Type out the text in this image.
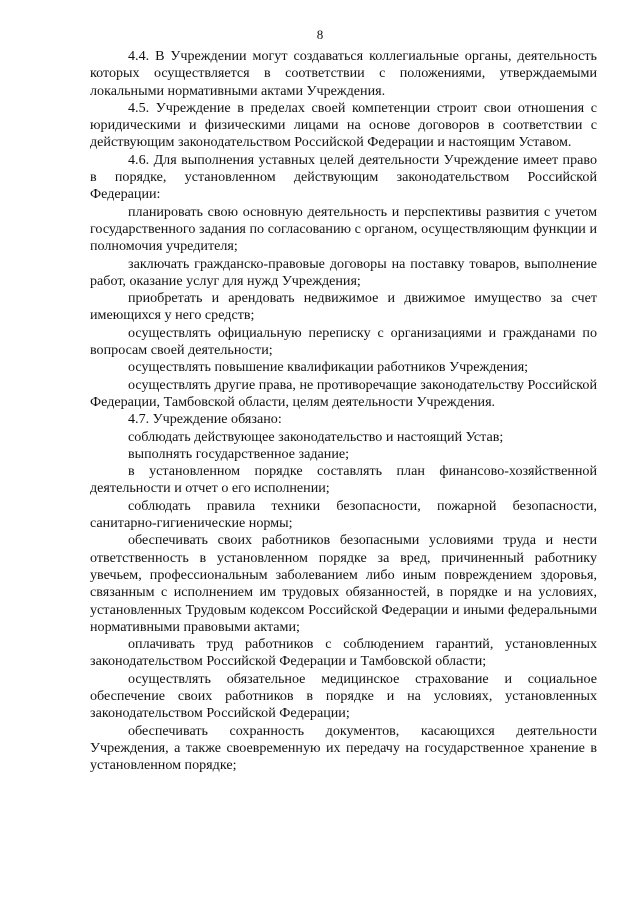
8

4.4. В Учреждении могут создаваться коллегиальные органы, деятельность которых осуществляется в соответствии с положениями, утверждаемыми локальными нормативными актами Учреждения.

4.5. Учреждение в пределах своей компетенции строит свои отношения с юридическими и физическими лицами на основе договоров в соответствии с действующим законодательством Российской Федерации и настоящим Уставом.

4.6. Для выполнения уставных целей деятельности Учреждение имеет право в порядке, установленном действующим законодательством Российской Федерации:

планировать свою основную деятельность и перспективы развития с учетом государственного задания по согласованию с органом, осуществляющим функции и полномочия учредителя;

заключать гражданско-правовые договоры на поставку товаров, выполнение работ, оказание услуг для нужд Учреждения;

приобретать и арендовать недвижимое и движимое имущество за счет имеющихся у него средств;

осуществлять официальную переписку с организациями и гражданами по вопросам своей деятельности;

осуществлять повышение квалификации работников Учреждения;

осуществлять другие права, не противоречащие законодательству Российской Федерации, Тамбовской области, целям деятельности Учреждения.

4.7. Учреждение обязано:

соблюдать действующее законодательство и настоящий Устав;

выполнять государственное задание;

в установленном порядке составлять план финансово-хозяйственной деятельности и отчет о его исполнении;

соблюдать правила техники безопасности, пожарной безопасности, санитарно-гигиенические нормы;

обеспечивать своих работников безопасными условиями труда и нести ответственность в установленном порядке за вред, причиненный работнику увечьем, профессиональным заболеванием либо иным повреждением здоровья, связанным с исполнением им трудовых обязанностей, в порядке и на условиях, установленных Трудовым кодексом Российской Федерации и иными федеральными нормативными правовыми актами;

оплачивать труд работников с соблюдением гарантий, установленных законодательством Российской Федерации и Тамбовской области;

осуществлять обязательное медицинское страхование и социальное обеспечение своих работников в порядке и на условиях, установленных законодательством Российской Федерации;

обеспечивать сохранность документов, касающихся деятельности Учреждения, а также своевременную их передачу на государственное хранение в установленном порядке;
